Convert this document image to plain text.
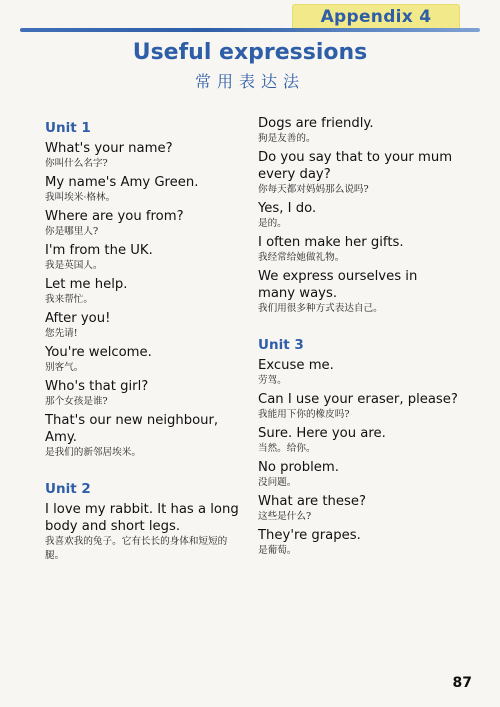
Appendix 4
Useful expressions
常用表达法
Unit 1
What's your name?
你叫什么名字?
My name's Amy Green.
我叫埃米·格林。
Where are you from?
你是哪里人?
I'm from the UK.
我是英国人。
Let me help.
我来帮忙。
After you!
您先请!
You're welcome.
别客气。
Who's that girl?
那个女孩是谁?
That's our new neighbour, Amy.
是我们的新邻居埃米。
Unit 2
I love my rabbit. It has a long body and short legs.
我喜欢我的兔子。它有长长的身体和短短的腿。
Dogs are friendly.
狗是友善的。
Do you say that to your mum every day?
你每天都对妈妈那么说吗?
Yes, I do.
是的。
I often make her gifts.
我经常给她做礼物。
We express ourselves in many ways.
我们用很多种方式表达自己。
Unit 3
Excuse me.
劳驾。
Can I use your eraser, please?
我能用下你的橡皮吗?
Sure. Here you are.
当然。给你。
No problem.
没问题。
What are these?
这些是什么?
They're grapes.
是葡萄。
87
